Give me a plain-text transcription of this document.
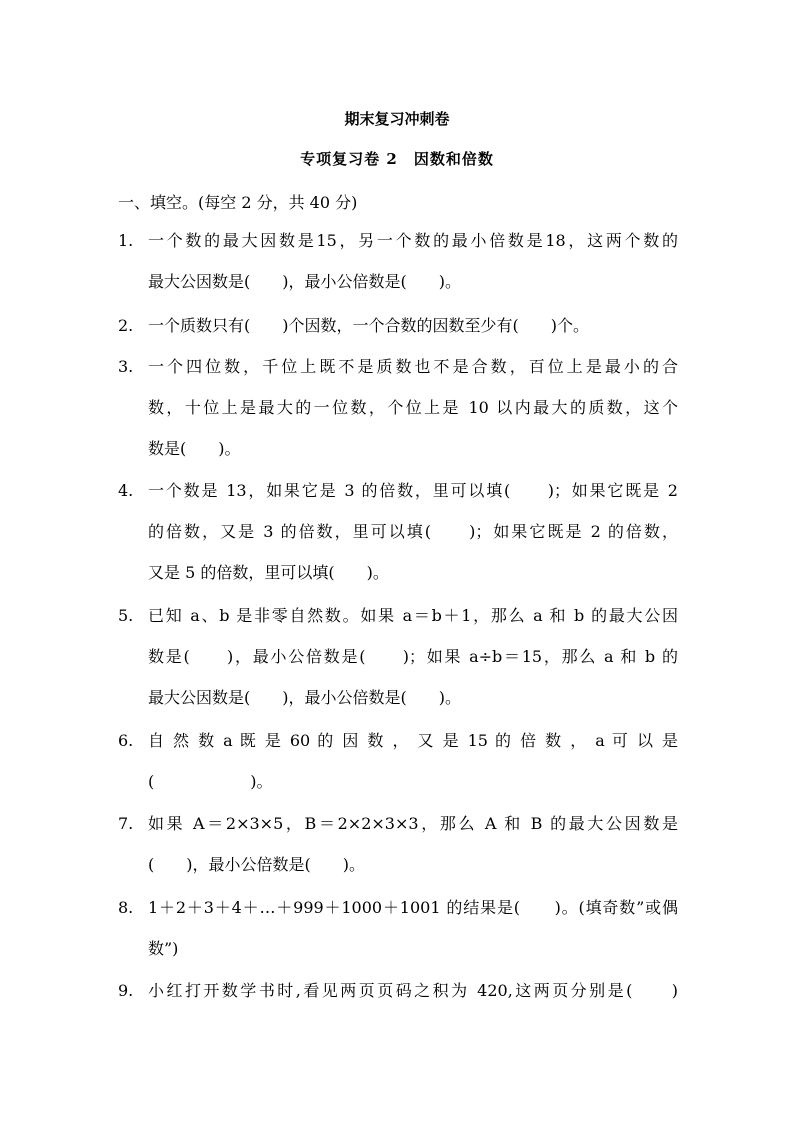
期末复习冲刺卷
专项复习卷 2　因数和倍数
一、填空。(每空 2 分，共 40 分)
1. 一个数的最大因数是15，另一个数的最小倍数是18，这两个数的
最大公因数是(　　)，最小公倍数是(　　)。
2. 一个质数只有(　　)个因数，一个合数的因数至少有(　　)个。
3. 一个四位数，千位上既不是质数也不是合数，百位上是最小的合
数，十位上是最大的一位数，个位上是 10 以内最大的质数，这个
数是(　　)。
4. 一个数是 13，如果它是 3 的倍数，里可以填(　　)；如果它既是 2
的倍数，又是 3 的倍数，里可以填(　　)；如果它既是 2 的倍数，
又是 5 的倍数，里可以填(　　)。
5. 已知 a、b 是非零自然数。如果 a＝b＋1，那么 a 和 b 的最大公因
数是(　　)，最小公倍数是(　　)；如果 a÷b＝15，那么 a 和 b 的
最大公因数是(　　)，最小公倍数是(　　)。
6. 自 然 数 a 既 是 60 的 因 数 ， 又 是 15 的 倍 数 ， a 可 以 是
(　　　　　　)。
7. 如果 A＝2×3×5，B＝2×2×3×3，那么 A 和 B 的最大公因数是
(　　)，最小公倍数是(　　)。
8. 1＋2＋3＋4＋…＋999＋1000＋1001 的结果是(　　)。(填奇数”或偶
数”)
9. 小红打开数学书时,看见两页页码之积为 420,这两页分别是(　　)
